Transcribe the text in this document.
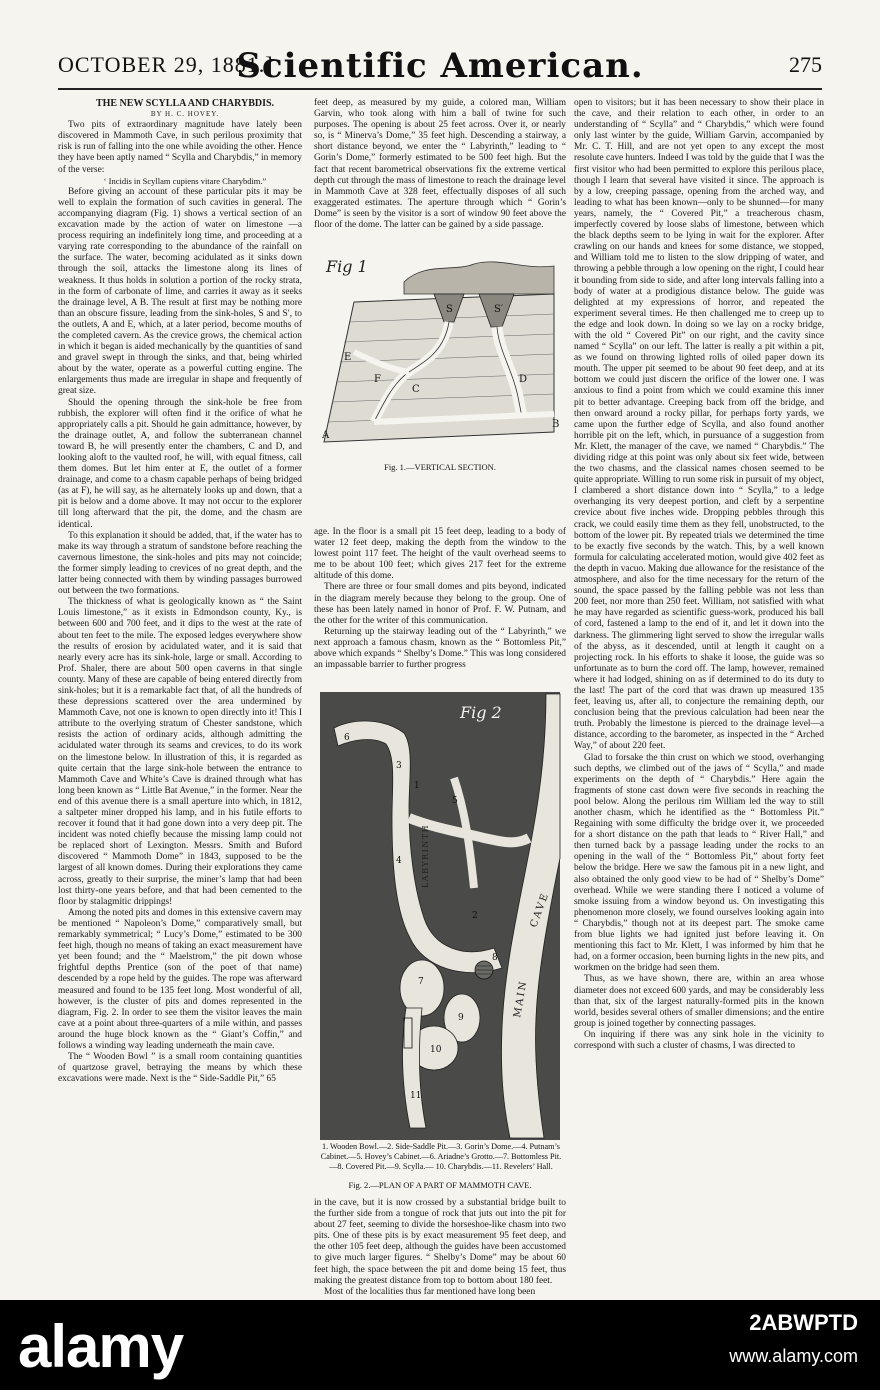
OCTOBER 29, 1881.]
Scientific American.	275

THE NEW SCYLLA AND CHARYBDIS.

BY H. C. HOVEY.

Two pits of extraordinary magnitude have lately been discovered in Mammoth Cave, in such perilous proximity that risk is run of falling into the one while avoiding the other. Hence they have been aptly named “ Scylla and Charybdis,” in memory of the verse:

‘ Incidis in Scyllam cupiens vitare Charybdim.”

Before giving an account of these particular pits it may be well to explain the formation of such cavities in general. The accompanying diagram (Fig. 1) shows a vertical section of an excavation made by the action of water on limestone —a process requiring an indefinitely long time, and proceeding at a varying rate corresponding to the abundance of the rainfall on the surface. The water, becoming acidulated as it sinks down through the soil, attacks the limestone along its lines of weakness. It thus holds in solution a portion of the rocky strata, in the form of carbonate of lime, and carries it away as it seeks the drainage level, A B. The result at first may be nothing more than an obscure fissure, leading from the sink-holes, S and S′, to the outlets, A and E, which, at a later period, become mouths of the completed cavern. As the crevice grows, the chemical action in which it began is aided mechanically by the quantities of sand and gravel swept in through the sinks, and that, being whirled about by the water, operate as a powerful cutting engine. The enlargements thus made are irregular in shape and frequently of great size.

Should the opening through the sink-hole be free from rubbish, the explorer will often find it the orifice of what he appropriately calls a pit. Should he gain admittance, however, by the drainage outlet, A, and follow the subterranean channel toward B, he will presently enter the chambers, C and D, and looking aloft to the vaulted roof, he will, with equal fitness, call them domes. But let him enter at E, the outlet of a former drainage, and come to a chasm capable perhaps of being bridged (as at F), he will say, as he alternately looks up and down, that a pit is below and a dome above. It may not occur to the explorer till long afterward that the pit, the dome, and the chasm are identical.

To this explanation it should be added, that, if the water has to make its way through a stratum of sandstone before reaching the cavernous limestone, the sink-holes and pits may not coincide; the former simply leading to crevices of no great depth, and the latter being connected with them by winding passages burrowed out between the two formations.

The thickness of what is geologically known as “ the Saint Louis limestone,” as it exists in Edmondson county, Ky., is between 600 and 700 feet, and it dips to the west at the rate of about ten feet to the mile. The exposed ledges everywhere show the results of erosion by acidulated water, and it is said that nearly every acre has its sink-hole, large or small. According to Prof. Shaler, there are about 500 open caverns in that single county. Many of these are capable of being entered directly from sink-holes; but it is a remarkable fact that, of all the hundreds of these depressions scattered over the area undermined by Mammoth Cave, not one is known to open directly into it! This I attribute to the overlying stratum of Chester sandstone, which resists the action of ordinary acids, although admitting the acidulated water through its seams and crevices, to do its work on the limestone below. In illustration of this, it is regarded as quite certain that the large sink-hole between the entrance to Mammoth Cave and White’s Cave is drained through what has long been known as “ Little Bat Avenue,” in the former. Near the end of this avenue there is a small aperture into which, in 1812, a saltpeter miner dropped his lamp, and in his futile efforts to recover it found that it had gone down into a very deep pit. The incident was noted chiefly because the missing lamp could not be replaced short of Lexington. Messrs. Smith and Buford discovered “ Mammoth Dome” in 1843, supposed to be the largest of all known domes. During their explorations they came across, greatly to their surprise, the miner’s lamp that had been lost thirty-one years before, and that had been cemented to the floor by stalagmitic drippings!

Among the noted pits and domes in this extensive cavern may be mentioned “ Napoleon’s Dome,” comparatively small, but remarkably symmetrical; “ Lucy’s Dome,” estimated to be 300 feet high, though no means of taking an exact measurement have yet been found; and the “ Maelstrom,” the pit down whose frightful depths Prentice (son of the poet of that name) descended by a rope held by the guides. The rope was afterward measured and found to be 135 feet long. Most wonderful of all, however, is the cluster of pits and domes represented in the diagram, Fig. 2. In order to see them the visitor leaves the main cave at a point about three-quarters of a mile within, and passes around the huge block known as the “ Giant’s Coffin,” and follows a winding way leading underneath the main cave.

The “ Wooden Bowl ” is a small room containing quantities of quartzose gravel, betraying the means by which these excavations were made. Next is the “ Side-Saddle Pit,” 65

feet deep, as measured by my guide, a colored man, William Garvin, who took along with him a ball of twine for such purposes. The opening is about 25 feet across. Over it, or nearly so, is “ Minerva’s Dome,” 35 feet high. Descending a stairway, a short distance beyond, we enter the “ Labyrinth,” leading to “ Gorin’s Dome,” formerly estimated to be 500 feet high. But the fact that recent barometrical observations fix the extreme vertical depth cut through the mass of limestone to reach the drainage level in Mammoth Cave at 328 feet, effectually disposes of all such exaggerated estimates. The aperture through which “ Gorin’s Dome” is seen by the visitor is a sort of window 90 feet above the floor of the dome. The latter can be gained by a side passage.

Fig 1
S	S′
C
D
E
F
A
B
Fig. 1.—VERTICAL SECTION.

age. In the floor is a small pit 15 feet deep, leading to a body of water 12 feet deep, making the depth from the window to the lowest point 117 feet. The height of the vault overhead seems to me to be about 100 feet; which gives 217 feet for the extreme altitude of this dome.

There are three or four small domes and pits beyond, indicated in the diagram merely because they belong to the group. One of these has been lately named in honor of Prof. F. W. Putnam, and the other for the writer of this communication.

Returning up the stairway leading out of the “ Labyrinth,” we next approach a famous chasm, known as the “ Bottomless Pit,” above which expands “ Shelby’s Dome.” This was long considered an impassable barrier to further progress

Fig 2
LABYRINTH
MAIN
CAVE
1
2
3
4
5
6
7
8
9
10
11
1. Wooden Bowl.—2. Side-Saddle Pit.—3. Gorin’s Dome.—4. Putnam’s Cabinet.—5. Hovey’s Cabinet.—6. Ariadne’s Grotto.—7. Bottomless Pit.—8. Covered Pit.—9. Scylla.— 10. Charybdis.—11. Revelers’ Hall.
Fig. 2.—PLAN OF A PART OF MAMMOTH CAVE.

in the cave, but it is now crossed by a substantial bridge built to the further side from a tongue of rock that juts out into the pit for about 27 feet, seeming to divide the horseshoe-like chasm into two pits. One of these pits is by exact measurement 95 feet deep, and the other 105 feet deep, although the guides have been accustomed to give much larger figures. “ Shelby’s Dome” may be about 60 feet high, the space between the pit and dome being 15 feet, thus making the greatest distance from top to bottom about 180 feet.

Most of the localities thus far mentioned have long been

open to visitors; but it has been necessary to show their place in the cave, and their relation to each other, in order to an understanding of “ Scylla” and “ Charybdis,” which were found only last winter by the guide, William Garvin, accompanied by Mr. C. T. Hill, and are not yet open to any except the most resolute cave hunters. Indeed I was told by the guide that I was the first visitor who had been permitted to explore this perilous place, though I learn that several have visited it since. The approach is by a low, creeping passage, opening from the arched way, and leading to what has been known—only to be shunned—for many years, namely, the “ Covered Pit,” a treacherous chasm, imperfectly covered by loose slabs of limestone, between which the black depths seem to be lying in wait for the explorer. After crawling on our hands and knees for some distance, we stopped, and William told me to listen to the slow dripping of water, and throwing a pebble through a low opening on the right, I could hear it bounding from side to side, and after long intervals falling into a body of water at a prodigious distance below. The guide was delighted at my expressions of horror, and repeated the experiment several times. He then challenged me to creep up to the edge and look down. In doing so we lay on a rocky bridge, with the old “ Covered Pit” on our right, and the cavity since named “ Scylla” on our left. The latter is really a pit within a pit, as we found on throwing lighted rolls of oiled paper down its mouth. The upper pit seemed to be about 90 feet deep, and at its bottom we could just discern the orifice of the lower one. I was anxious to find a point from which we could examine this inner pit to better advantage. Creeping back from off the bridge, and then onward around a rocky pillar, for perhaps forty yards, we came upon the further edge of Scylla, and also found another horrible pit on the left, which, in pursuance of a suggestion from Mr. Klett, the manager of the cave, we named “ Charybdis.” The dividing ridge at this point was only about six feet wide, between the two chasms, and the classical names chosen seemed to be quite appropriate. Willing to run some risk in pursuit of my object, I clambered a short distance down into “ Scylla,” to a ledge overhanging its very deepest portion, and cleft by a serpentine crevice about five inches wide. Dropping pebbles through this crack, we could easily time them as they fell, unobstructed, to the bottom of the lower pit. By repeated trials we determined the time to be exactly five seconds by the watch. This, by a well known formula for calculating accelerated motion, would give 402 feet as the depth in vacuo. Making due allowance for the resistance of the atmosphere, and also for the time necessary for the return of the sound, the space passed by the falling pebble was not less than 200 feet, nor more than 250 feet. William, not satisfied with what he may have regarded as scientific guess-work, produced his ball of cord, fastened a lamp to the end of it, and let it down into the darkness. The glimmering light served to show the irregular walls of the abyss, as it descended, until at length it caught on a projecting rock. In his efforts to shake it loose, the guide was so unfortunate as to burn the cord off. The lamp, however, remained where it had lodged, shining on as if determined to do its duty to the last! The part of the cord that was drawn up measured 135 feet, leaving us, after all, to conjecture the remaining depth, our conclusion being that the previous calculation had been near the truth. Probably the limestone is pierced to the drainage level—a distance, according to the barometer, as inspected in the “ Arched Way,” of about 220 feet.

Glad to forsake the thin crust on which we stood, overhanging such depths, we climbed out of the jaws of “ Scylla,” and made experiments on the depth of “ Charybdis.” Here again the fragments of stone cast down were five seconds in reaching the pool below. Along the perilous rim William led the way to still another chasm, which he identified as the “ Bottomless Pit.” Regaining with some difficulty the bridge over it, we proceeded for a short distance on the path that leads to “ River Hall,” and then turned back by a passage leading under the rocks to an opening in the wall of the “ Bottomless Pit,” about forty feet below the bridge. Here we saw the famous pit in a new light, and also obtained the only good view to be had of “ Shelby’s Dome” overhead. While we were standing there I noticed a volume of smoke issuing from a window beyond us. On investigating this phenomenon more closely, we found ourselves looking again into “ Charybdis,” though not at its deepest part. The smoke came from blue lights we had ignited just before leaving it. On mentioning this fact to Mr. Klett, I was informed by him that he had, on a former occasion, been burning lights in the new pits, and workmen on the bridge had seen them.

Thus, as we have shown, there are, within an area whose diameter does not exceed 600 yards, and may be considerably less than that, six of the largest naturally-formed pits in the known world, besides several others of smaller dimensions; and the entire group is joined together by connecting passages.

On inquiring if there was any sink hole in the vicinity to correspond with such a cluster of chasms, I was directed to

alamy	2ABWPTD
www.alamy.com
